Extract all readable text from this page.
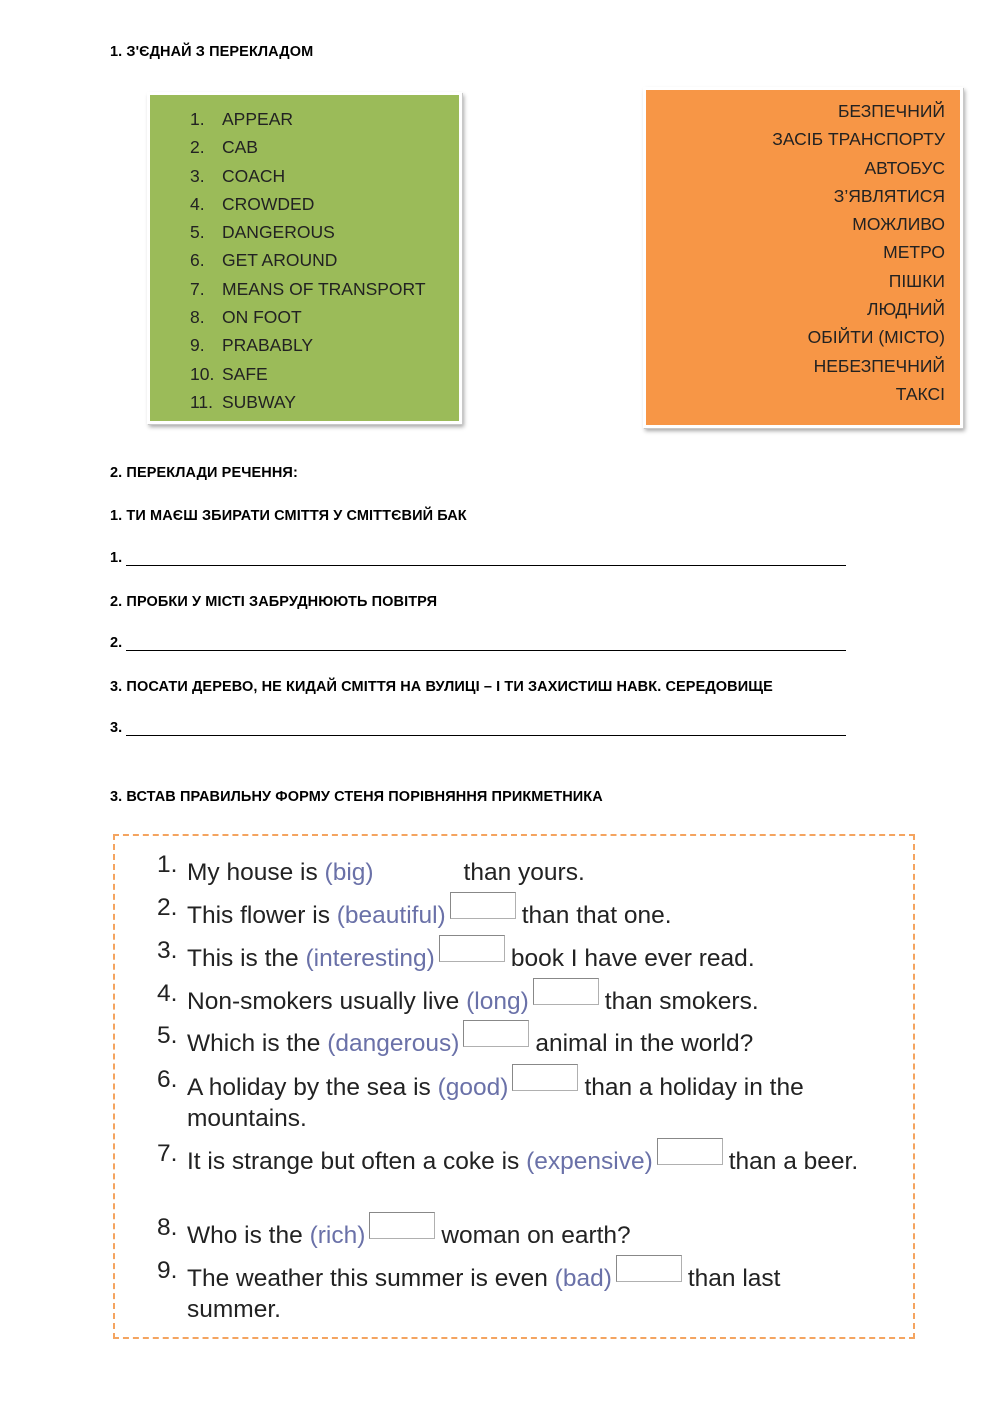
1. З'ЄДНАЙ З ПЕРЕКЛАДОМ
1. APPEAR
2. CAB
3. COACH
4. CROWDED
5. DANGEROUS
6. GET AROUND
7. MEANS OF TRANSPORT
8. ON FOOT
9. PRABABLY
10. SAFE
11. SUBWAY
БЕЗПЕЧНИЙ
ЗАСІБ ТРАНСПОРТУ
АВТОБУС
З’ЯВЛЯТИСЯ
МОЖЛИВО
МЕТРО
ПІШКИ
ЛЮДНИЙ
ОБІЙТИ (МІСТО)
НЕБЕЗПЕЧНИЙ
ТАКСІ
2. ПЕРЕКЛАДИ РЕЧЕННЯ:
1. ТИ МАЄШ ЗБИРАТИ СМІТТЯ У СМІТТЄВИЙ БАК
1.
2. ПРОБКИ У МІСТІ ЗАБРУДНЮЮТЬ ПОВІТРЯ
2.
3. ПОСАТИ ДЕРЕВО, НЕ КИДАЙ СМІТТЯ НА ВУЛИЦІ – І ТИ ЗАХИСТИШ НАВК. СЕРЕДОВИЩЕ
3.
3. ВСТАВ ПРАВИЛЬНУ ФОРМУ СТЕНЯ ПОРІВНЯННЯ ПРИКМЕТНИКА
1. My house is (big)	than yours.
2. This flower is (beautiful)	than that one.
3. This is the (interesting)	book I have ever read.
4. Non-smokers usually live (long)	than smokers.
5. Which is the (dangerous)	animal in the world?
6. A holiday by the sea is (good)	than a holiday in the mountains.
7. It is strange but often a coke is (expensive)	than a beer.
8. Who is the (rich)	woman on earth?
9. The weather this summer is even (bad)	than last summer.
